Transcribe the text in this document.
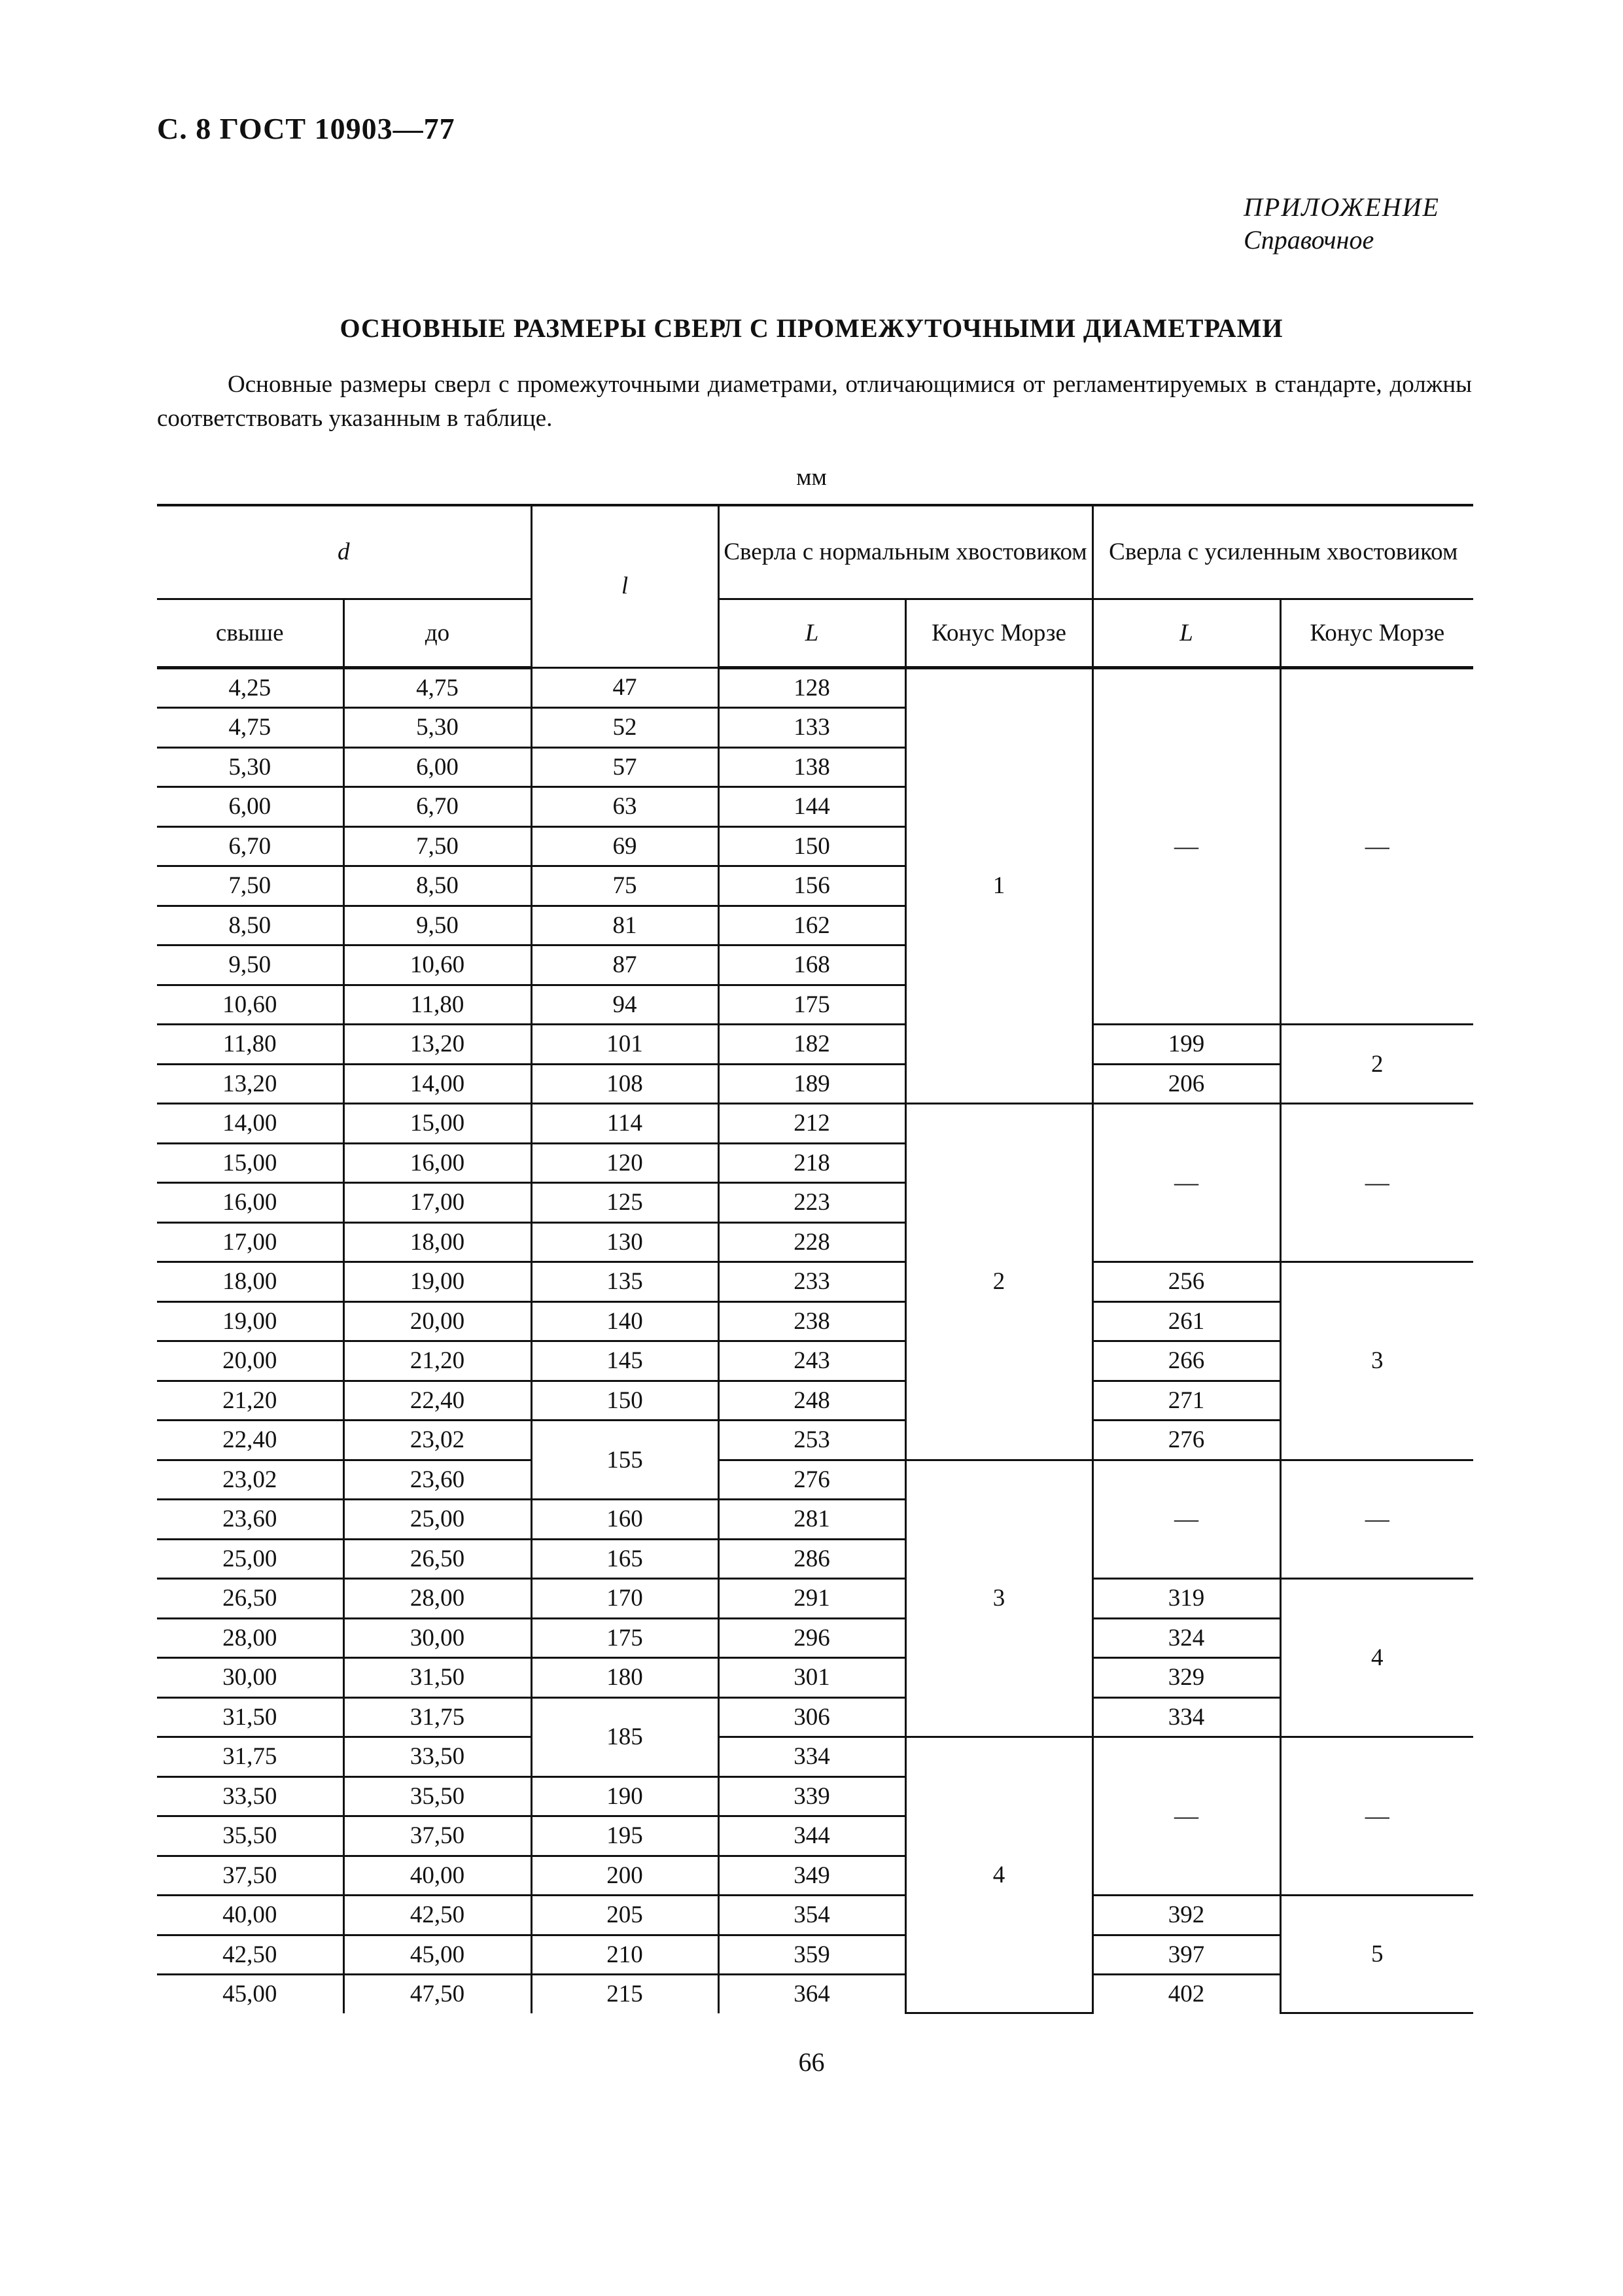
С. 8 ГОСТ 10903—77
ПРИЛОЖЕНИЕ
Справочное
ОСНОВНЫЕ РАЗМЕРЫ СВЕРЛ С ПРОМЕЖУТОЧНЫМИ ДИАМЕТРАМИ
Основные размеры сверл с промежуточными диаметрами, отличающимися от регламентируемых в стандарте, должны соответствовать указанным в таблице.
мм
d		l	Сверла с нормальным хвостовиком		Сверла с усиленным хвостовиком	
свыше	до		L	Конус Морзе	L	Конус Морзе
4,25	4,75	47	128	1	—	—
4,75	5,30	52	133			
5,30	6,00	57	138			
6,00	6,70	63	144			
6,70	7,50	69	150			
7,50	8,50	75	156			
8,50	9,50	81	162			
9,50	10,60	87	168			
10,60	11,80	94	175			
11,80	13,20	101	182		199	2
13,20	14,00	108	189		206	
14,00	15,00	114	212	2	—	—
15,00	16,00	120	218			
16,00	17,00	125	223			
17,00	18,00	130	228			
18,00	19,00	135	233		256	3
19,00	20,00	140	238		261	
20,00	21,20	145	243		266	
21,20	22,40	150	248		271	
22,40	23,02	155	253		276	
23,02	23,60		276	3	—	—
23,60	25,00	160	281			
25,00	26,50	165	286			
26,50	28,00	170	291		319	4
28,00	30,00	175	296		324	
30,00	31,50	180	301		329	
31,50	31,75	185	306		334	
31,75	33,50		334	4	—	—
33,50	35,50	190	339			
35,50	37,50	195	344			
37,50	40,00	200	349			
40,00	42,50	205	354		392	5
42,50	45,00	210	359		397	
45,00	47,50	215	364		402	
66
